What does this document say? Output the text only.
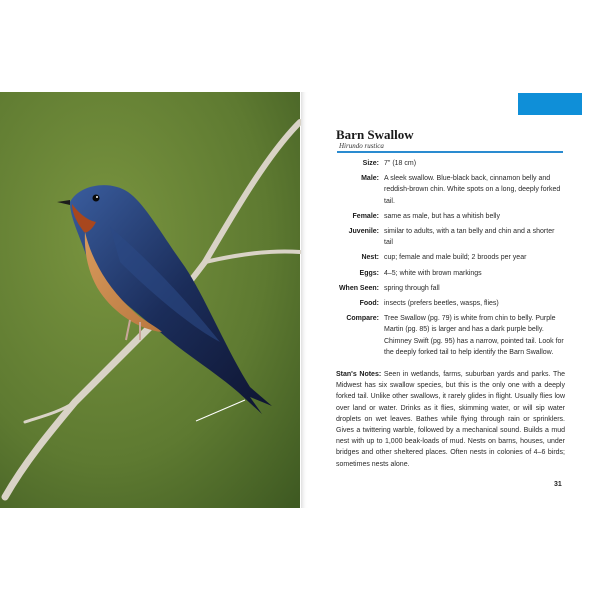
Look for the
deeply forked tail
Barn Swallow
Hirundo rustica
Size: 7" (18 cm)
Male: A sleek swallow. Blue-black back, cinnamon belly and reddish-brown chin. White spots on a long, deeply forked tail.
Female: same as male, but has a whitish belly
Juvenile: similar to adults, with a tan belly and chin and a shorter tail
Nest: cup; female and male build; 2 broods per year
Eggs: 4–5; white with brown markings
When Seen: spring through fall
Food: insects (prefers beetles, wasps, flies)
Compare: Tree Swallow (pg. 79) is white from chin to belly. Purple Martin (pg. 85) is larger and has a dark purple belly. Chimney Swift (pg. 95) has a narrow, pointed tail. Look for the deeply forked tail to help identify the Barn Swallow.
Stan's Notes: Seen in wetlands, farms, suburban yards and parks. The Midwest has six swallow species, but this is the only one with a deeply forked tail. Unlike other swallows, it rarely glides in flight. Usually flies low over land or water. Drinks as it flies, skimming water, or will sip water droplets on wet leaves. Bathes while flying through rain or sprinklers. Gives a twittering warble, followed by a mechanical sound. Builds a mud nest with up to 1,000 beak-loads of mud. Nests on barns, houses, under bridges and other sheltered places. Often nests in colonies of 4–6 birds; sometimes nests alone.
31
